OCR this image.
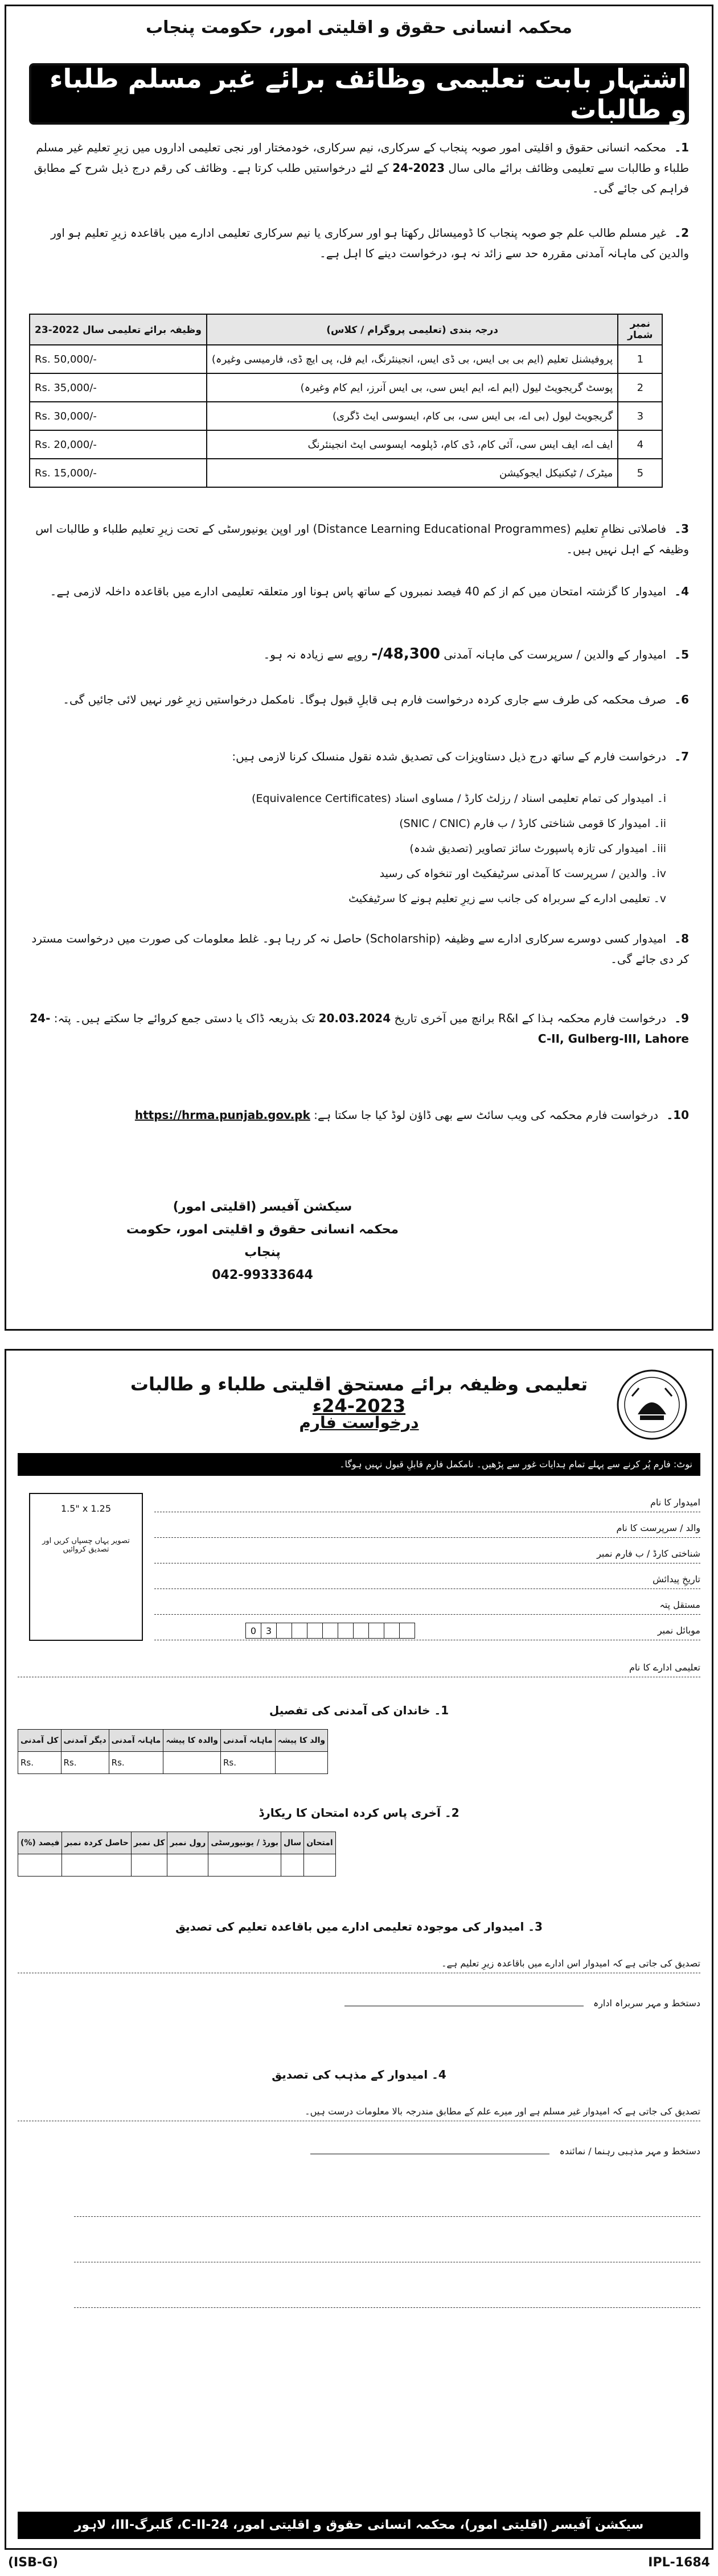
محکمہ انسانی حقوق و اقلیتی امور، حکومت پنجاب
اشتہار بابت تعلیمی وظائف برائے غیر مسلم طلباء و طالبات
1۔ محکمہ انسانی حقوق و اقلیتی امور صوبہ پنجاب کے سرکاری، نیم سرکاری، خودمختار اور نجی تعلیمی اداروں میں زیرِ تعلیم غیر مسلم طلباء و طالبات سے تعلیمی وظائف برائے مالی سال 2023-24 کے لئے درخواستیں طلب کرتا ہے۔ وظائف کی رقم درج ذیل شرح کے مطابق فراہم کی جائے گی۔
2۔ غیر مسلم طالب علم جو صوبہ پنجاب کا ڈومیسائل رکھتا ہو اور سرکاری یا نیم سرکاری تعلیمی ادارے میں باقاعدہ زیرِ تعلیم ہو اور والدین کی ماہانہ آمدنی مقررہ حد سے زائد نہ ہو، درخواست دینے کا اہل ہے۔
نمبر شمار	درجہ بندی (تعلیمی پروگرام / کلاس)	وظیفہ برائے تعلیمی سال 2022-23
1	پروفیشنل تعلیم (ایم بی بی ایس، بی ڈی ایس، انجینئرنگ، ایم فل، پی ایچ ڈی، فارمیسی وغیرہ)	Rs. 50,000/-
2	پوسٹ گریجویٹ لیول (ایم اے، ایم ایس سی، بی ایس آنرز، ایم کام وغیرہ)	Rs. 35,000/-
3	گریجویٹ لیول (بی اے، بی ایس سی، بی کام، ایسوسی ایٹ ڈگری)	Rs. 30,000/-
4	ایف اے، ایف ایس سی، آئی کام، ڈی کام، ڈپلومہ ایسوسی ایٹ انجینئرنگ	Rs. 20,000/-
5	میٹرک / ٹیکنیکل ایجوکیشن	Rs. 15,000/-
3۔ فاصلاتی نظامِ تعلیم (Distance Learning Educational Programmes) اور اوپن یونیورسٹی کے تحت زیرِ تعلیم طلباء و طالبات اس وظیفہ کے اہل نہیں ہیں۔
4۔ امیدوار کا گزشتہ امتحان میں کم از کم 40 فیصد نمبروں کے ساتھ پاس ہونا اور متعلقہ تعلیمی ادارے میں باقاعدہ داخلہ لازمی ہے۔
5۔ امیدوار کے والدین / سرپرست کی ماہانہ آمدنی 48,300/- روپے سے زیادہ نہ ہو۔
6۔ صرف محکمہ کی طرف سے جاری کردہ درخواست فارم ہی قابلِ قبول ہوگا۔ نامکمل درخواستیں زیرِ غور نہیں لائی جائیں گی۔
7۔ درخواست فارم کے ساتھ درج ذیل دستاویزات کی تصدیق شدہ نقول منسلک کرنا لازمی ہیں:
i۔ امیدوار کی تمام تعلیمی اسناد / رزلٹ کارڈ / مساوی اسناد (Equivalence Certificates)
ii۔ امیدوار کا قومی شناختی کارڈ / ب فارم (SNIC / CNIC)
iii۔ امیدوار کی تازہ پاسپورٹ سائز تصاویر (تصدیق شدہ)
iv۔ والدین / سرپرست کا آمدنی سرٹیفکیٹ اور تنخواہ کی رسید
v۔ تعلیمی ادارے کے سربراہ کی جانب سے زیرِ تعلیم ہونے کا سرٹیفکیٹ
8۔ امیدوار کسی دوسرے سرکاری ادارے سے وظیفہ (Scholarship) حاصل نہ کر رہا ہو۔ غلط معلومات کی صورت میں درخواست مسترد کر دی جائے گی۔
9۔ درخواست فارم محکمہ ہذا کے R&I برانچ میں آخری تاریخ 20.03.2024 تک بذریعہ ڈاک یا دستی جمع کروائے جا سکتے ہیں۔ پتہ: 24-C-II, Gulberg-III, Lahore
10۔ درخواست فارم محکمہ کی ویب سائٹ سے بھی ڈاؤن لوڈ کیا جا سکتا ہے: https://hrma.punjab.gov.pk
سیکشن آفیسر (اقلیتی امور)
محکمہ انسانی حقوق و اقلیتی امور، حکومت پنجاب
042-99333644
تعلیمی وظیفہ برائے مستحق اقلیتی طلباء و طالبات 2023-24ء
درخواست فارم
نوٹ: فارم پُر کرنے سے پہلے تمام ہدایات غور سے پڑھیں۔ نامکمل فارم قابلِ قبول نہیں ہوگا۔
1.5" x 1.25
تصویر یہاں چسپاں کریں اور تصدیق کروائیں
امیدوار کا نام
والد / سرپرست کا نام
شناختی کارڈ / ب فارم نمبر
تاریخِ پیدائش
مستقل پتہ
موبائل نمبر
0	3
تعلیمی ادارے کا نام
1۔ خاندان کی آمدنی کی تفصیل
والد کا پیشہ	ماہانہ آمدنی	والدہ کا پیشہ	ماہانہ آمدنی	دیگر آمدنی	کل آمدنی
	Rs.		Rs.	Rs.	Rs.
2۔ آخری پاس کردہ امتحان کا ریکارڈ
امتحان	سال	بورڈ / یونیورسٹی	رول نمبر	کل نمبر	حاصل کردہ نمبر	فیصد (%)

3۔ امیدوار کی موجودہ تعلیمی ادارے میں باقاعدہ تعلیم کی تصدیق
تصدیق کی جاتی ہے کہ امیدوار اس ادارے میں باقاعدہ زیرِ تعلیم ہے۔
دستخط و مہر سربراہ ادارہ
4۔ امیدوار کے مذہب کی تصدیق
تصدیق کی جاتی ہے کہ امیدوار غیر مسلم ہے اور میرے علم کے مطابق مندرجہ بالا معلومات درست ہیں۔
دستخط و مہر مذہبی رہنما / نمائندہ
سیکشن آفیسر (اقلیتی امور)، محکمہ انسانی حقوق و اقلیتی امور، 24-C-II، گلبرگ-III، لاہور
(ISB-G)	IPL-1684
